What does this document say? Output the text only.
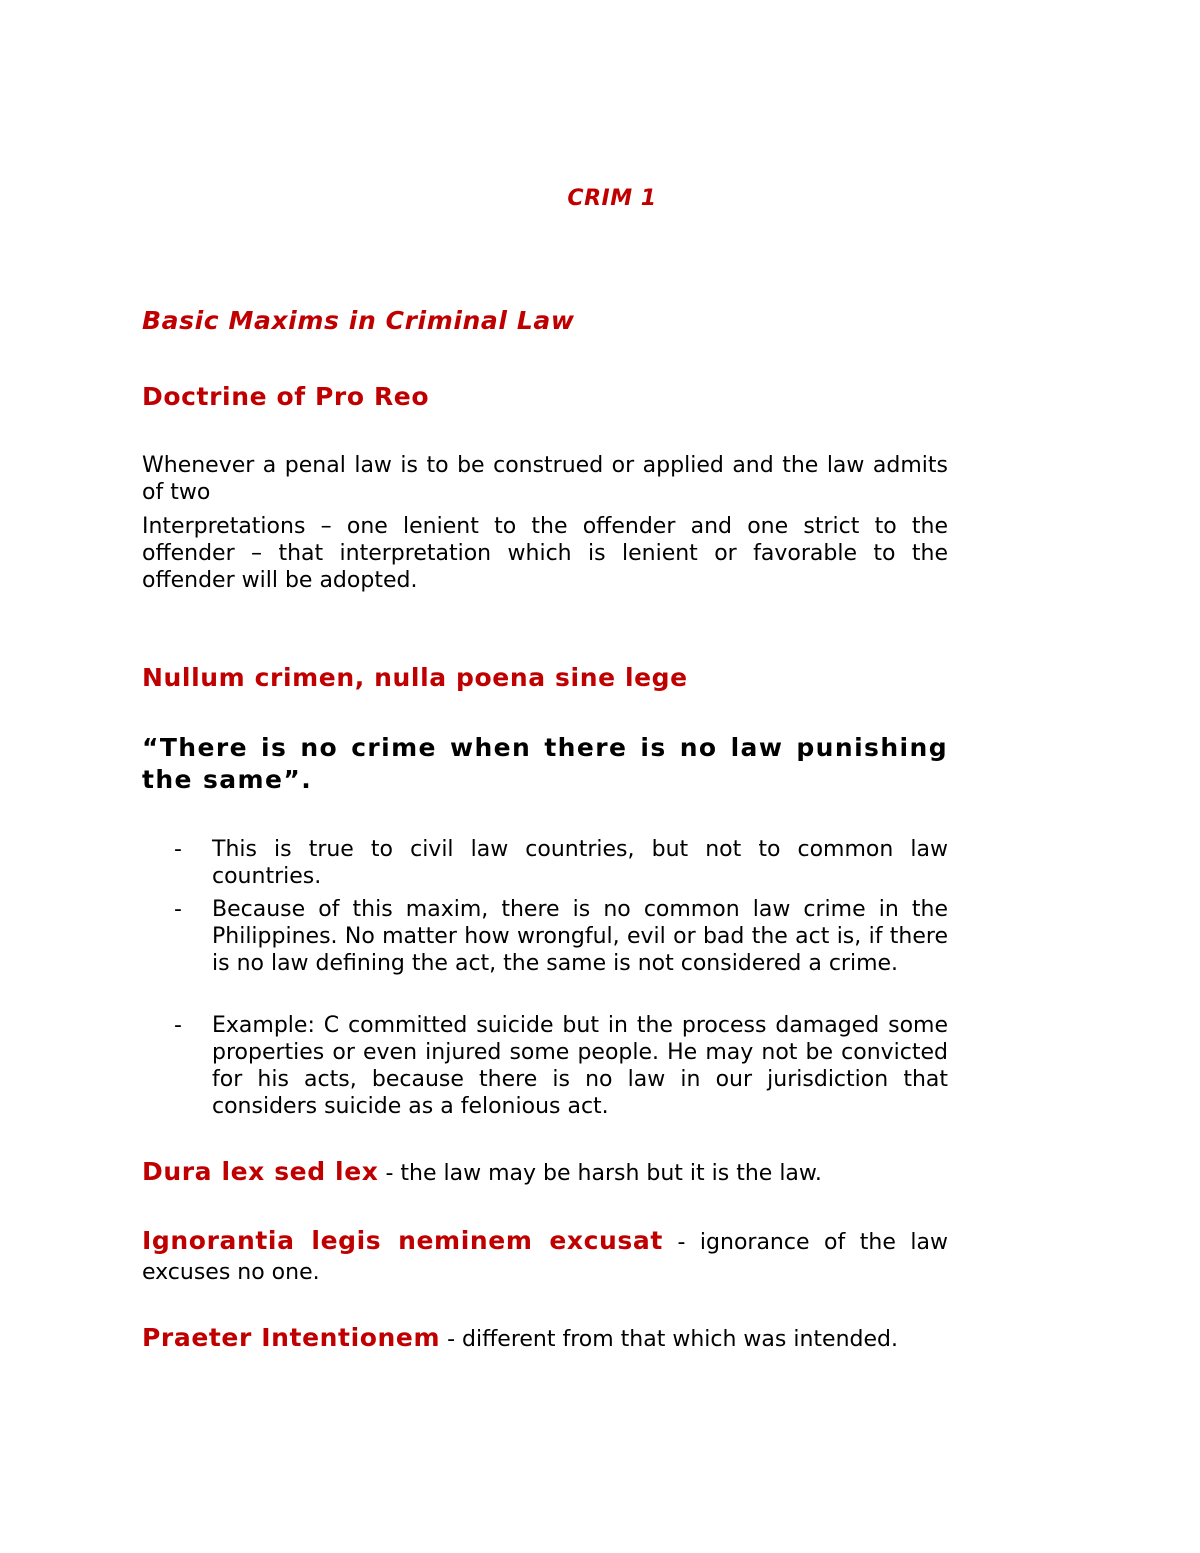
CRIM 1

Basic Maxims in Criminal Law

Doctrine of Pro Reo

Whenever a penal law is to be construed or applied and the law admits of two

Interpretations – one lenient to the offender and one strict to the offender – that interpretation which is lenient or favorable to the offender will be adopted.

Nullum crimen, nulla poena sine lege

“There is no crime when there is no law punishing the same”.

- This is true to civil law countries, but not to common law countries.

- Because of this maxim, there is no common law crime in the Philippines. No matter how wrongful, evil or bad the act is, if there is no law defining the act, the same is not considered a crime.

- Example: C committed suicide but in the process damaged some properties or even injured some people. He may not be convicted for his acts, because there is no law in our jurisdiction that considers suicide as a felonious act.

Dura lex sed lex - the law may be harsh but it is the law.

Ignorantia legis neminem excusat - ignorance of the law excuses no one.

Praeter Intentionem - different from that which was intended.
